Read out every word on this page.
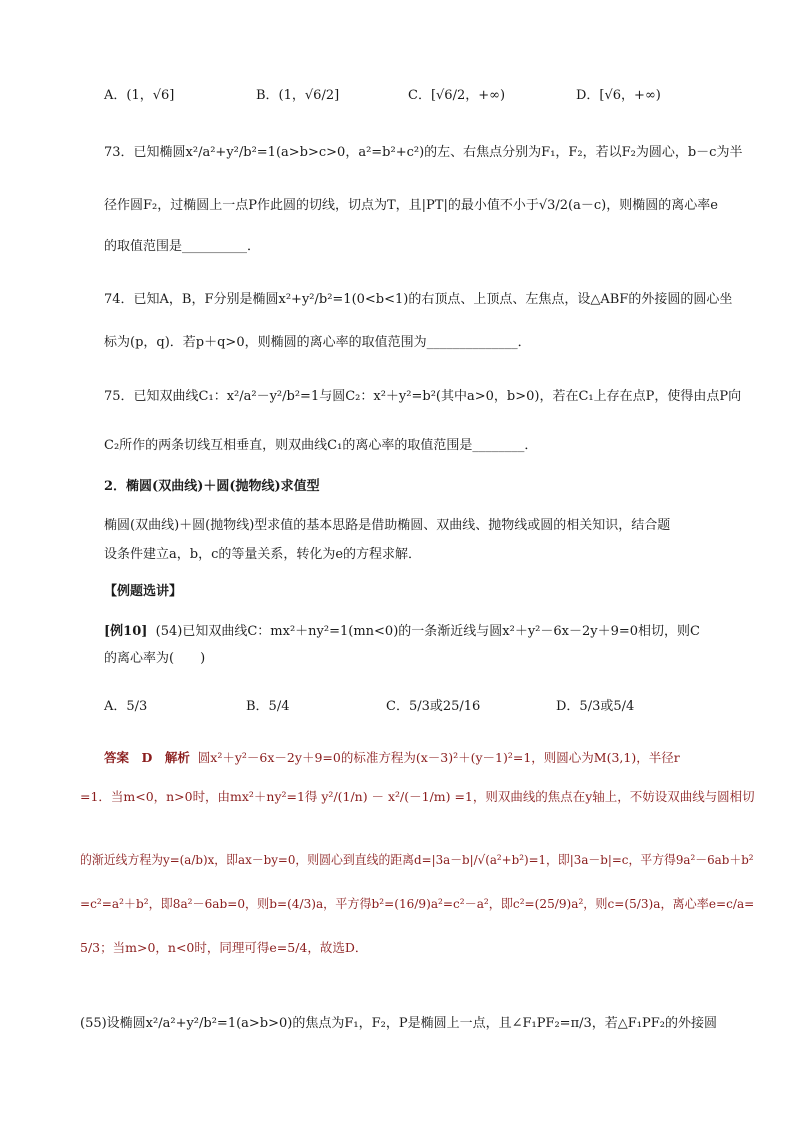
A．(1，√6]	B．(1，√6/2]	C．[√6/2，+∞)	D．[√6，+∞)
73．已知椭圆x²/a²+y²/b²=1(a>b>c>0，a²=b²+c²)的左、右焦点分别为F₁，F₂，若以F₂为圆心，b－c为半
径作圆F₂，过椭圆上一点P作此圆的切线，切点为T，且|PT|的最小值不小于√3/2(a－c)，则椭圆的离心率e
的取值范围是__________．
74．已知A，B，F分别是椭圆x²+y²/b²=1(0<b<1)的右顶点、上顶点、左焦点，设△ABF的外接圆的圆心坐
标为(p，q)．若p＋q>0，则椭圆的离心率的取值范围为______________．
75．已知双曲线C₁：x²/a²－y²/b²=1与圆C₂：x²＋y²=b²(其中a>0，b>0)，若在C₁上存在点P，使得由点P向
C₂所作的两条切线互相垂直，则双曲线C₁的离心率的取值范围是________．
2．椭圆(双曲线)＋圆(抛物线)求值型
椭圆(双曲线)＋圆(抛物线)型求值的基本思路是借助椭圆、双曲线、抛物线或圆的相关知识，结合题
设条件建立a，b，c的等量关系，转化为e的方程求解．
【例题选讲】
[例10] (54)已知双曲线C：mx²＋ny²=1(mn<0)的一条渐近线与圆x²＋y²－6x－2y＋9=0相切，则C
的离心率为(　　)
A．5/3	B．5/4	C．5/3或25/16	D．5/3或5/4
答案　D　解析 圆x²＋y²－6x－2y＋9=0的标准方程为(x－3)²＋(y－1)²=1，则圆心为M(3,1)，半径r
=1．当m<0，n>0时，由mx²＋ny²=1得 y²/(1/n) － x²/(－1/m) =1，则双曲线的焦点在y轴上，不妨设双曲线与圆相切
的渐近线方程为y=(a/b)x，即ax－by=0，则圆心到直线的距离d=|3a－b|/√(a²+b²)=1，即|3a－b|=c，平方得9a²－6ab＋b²
=c²=a²＋b²，即8a²－6ab=0，则b=(4/3)a，平方得b²=(16/9)a²=c²－a²，即c²=(25/9)a²，则c=(5/3)a，离心率e=c/a=
5/3；当m>0，n<0时，同理可得e=5/4，故选D．
(55)设椭圆x²/a²+y²/b²=1(a>b>0)的焦点为F₁，F₂，P是椭圆上一点，且∠F₁PF₂=π/3，若△F₁PF₂的外接圆
